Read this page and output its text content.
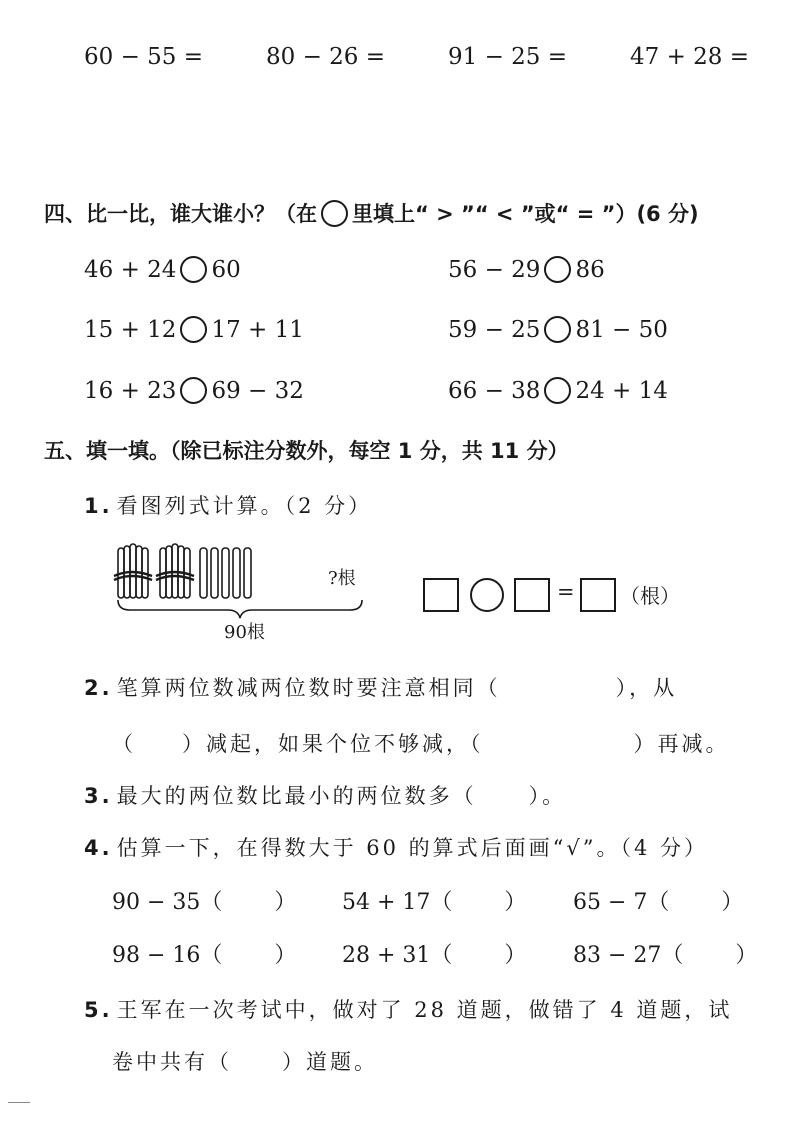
60 − 55 =	80 − 26 =	91 − 25 =	47 + 28 =
四、比一比，谁大谁小？（在 里填上“ > ”“ < ”或“ = ”）(6 分)
46 + 24 60	56 − 29 86
15 + 12 17 + 11	59 − 25 81 − 50
16 + 23 69 − 32	66 − 38 24 + 14
五、填一填。（除已标注分数外，每空 1 分，共 11 分）
1. 看图列式计算。（2 分）
?根
90根
= （根）
2. 笔算两位数减两位数时要注意相同（	），从
（ ）减起，如果个位不够减，（	）再减。
3. 最大的两位数比最小的两位数多（ ）。
4. 估算一下，在得数大于 60 的算式后面画“√”。（4 分）
90 − 35（ ） 54 + 17（ ） 65 − 7（ ）
98 − 16（ ） 28 + 31（ ） 83 − 27（ ）
5. 王军在一次考试中，做对了 28 道题，做错了 4 道题，试
卷中共有（ ）道题。
